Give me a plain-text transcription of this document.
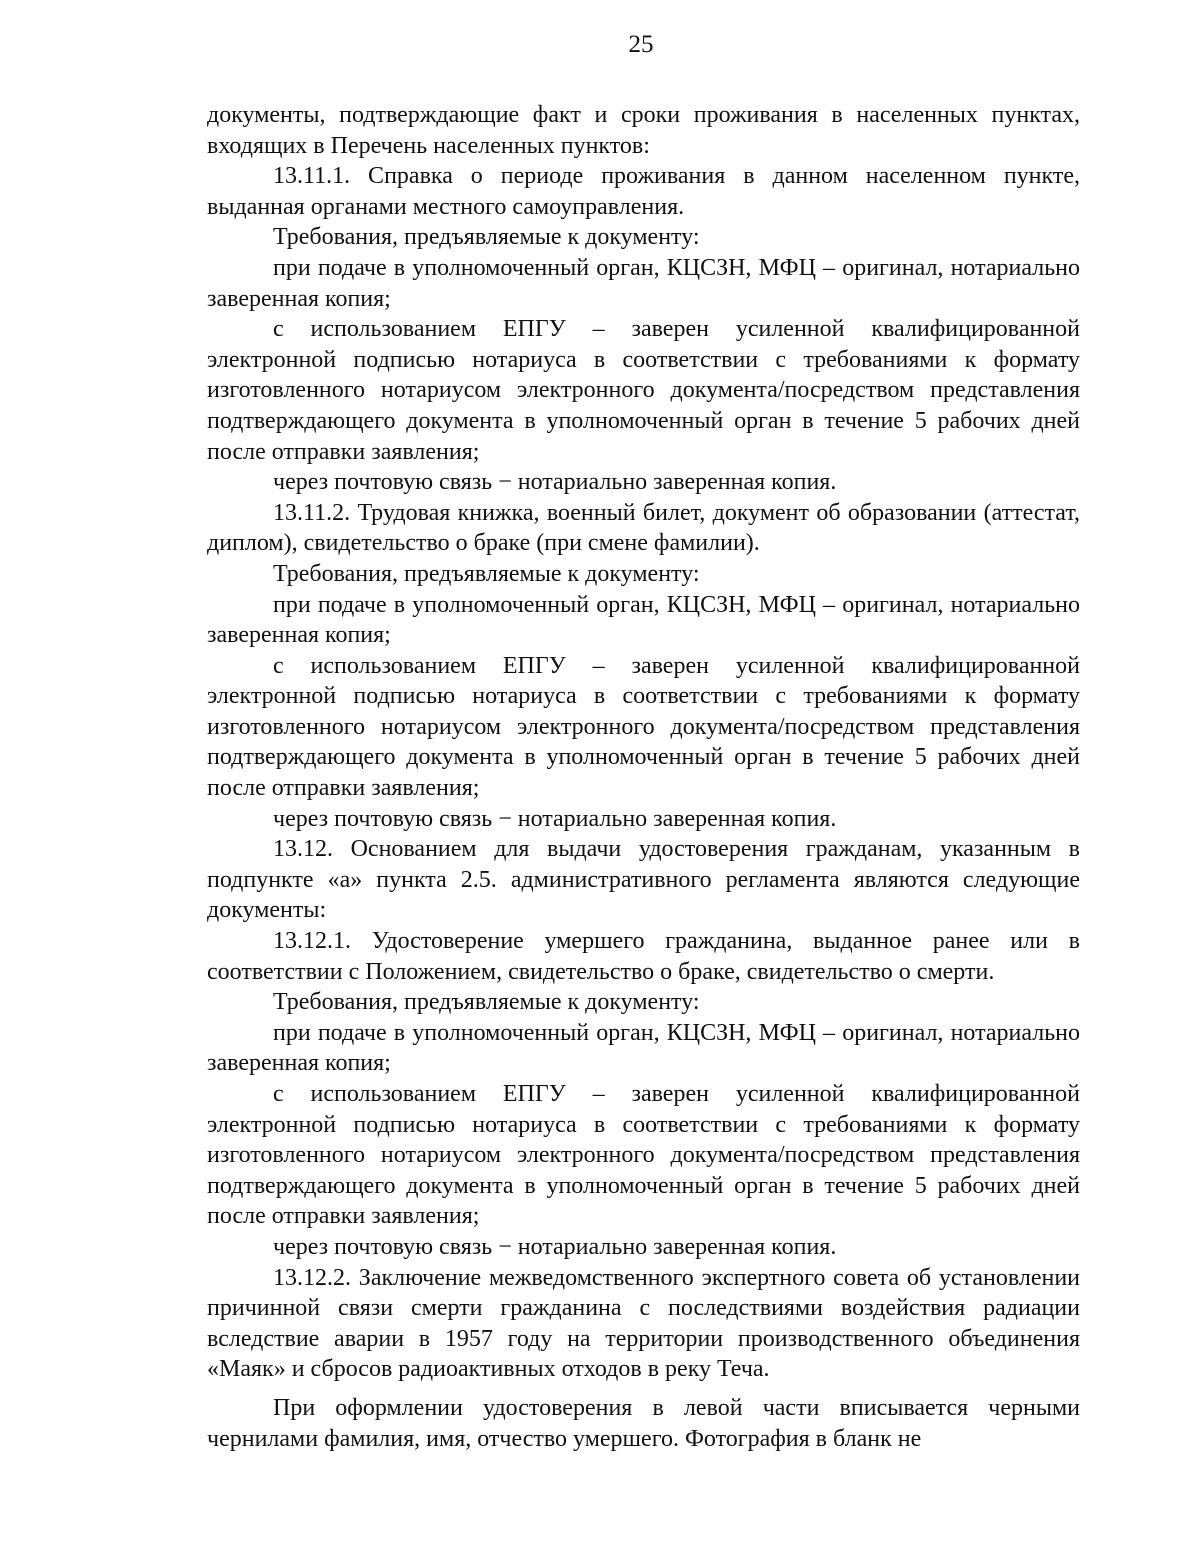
25

документы, подтверждающие факт и сроки проживания в населенных пунктах, входящих в Перечень населенных пунктов:

13.11.1. Справка о периоде проживания в данном населенном пункте, выданная органами местного самоуправления.

Требования, предъявляемые к документу:

при подаче в уполномоченный орган, КЦСЗН, МФЦ – оригинал, нотариально заверенная копия;

с использованием ЕПГУ – заверен усиленной квалифицированной электронной подписью нотариуса в соответствии с требованиями к формату изготовленного нотариусом электронного документа/посредством представления подтверждающего документа в уполномоченный орган в течение 5 рабочих дней после отправки заявления;

через почтовую связь − нотариально заверенная копия.

13.11.2. Трудовая книжка, военный билет, документ об образовании (аттестат, диплом), свидетельство о браке (при смене фамилии).

Требования, предъявляемые к документу:

при подаче в уполномоченный орган, КЦСЗН, МФЦ – оригинал, нотариально заверенная копия;

с использованием ЕПГУ – заверен усиленной квалифицированной электронной подписью нотариуса в соответствии с требованиями к формату изготовленного нотариусом электронного документа/посредством представления подтверждающего документа в уполномоченный орган в течение 5 рабочих дней после отправки заявления;

через почтовую связь − нотариально заверенная копия.

13.12. Основанием для выдачи удостоверения гражданам, указанным в подпункте «а» пункта 2.5. административного регламента являются следующие документы:

13.12.1. Удостоверение умершего гражданина, выданное ранее или в соответствии с Положением, свидетельство о браке, свидетельство о смерти.

Требования, предъявляемые к документу:

при подаче в уполномоченный орган, КЦСЗН, МФЦ – оригинал, нотариально заверенная копия;

с использованием ЕПГУ – заверен усиленной квалифицированной электронной подписью нотариуса в соответствии с требованиями к формату изготовленного нотариусом электронного документа/посредством представления подтверждающего документа в уполномоченный орган в течение 5 рабочих дней после отправки заявления;

через почтовую связь − нотариально заверенная копия.

13.12.2. Заключение межведомственного экспертного совета об установлении причинной связи смерти гражданина с последствиями воздействия радиации вследствие аварии в 1957 году на территории производственного объединения «Маяк» и сбросов радиоактивных отходов в реку Теча.

При оформлении удостоверения в левой части вписывается черными чернилами фамилия, имя, отчество умершего. Фотография в бланк не
